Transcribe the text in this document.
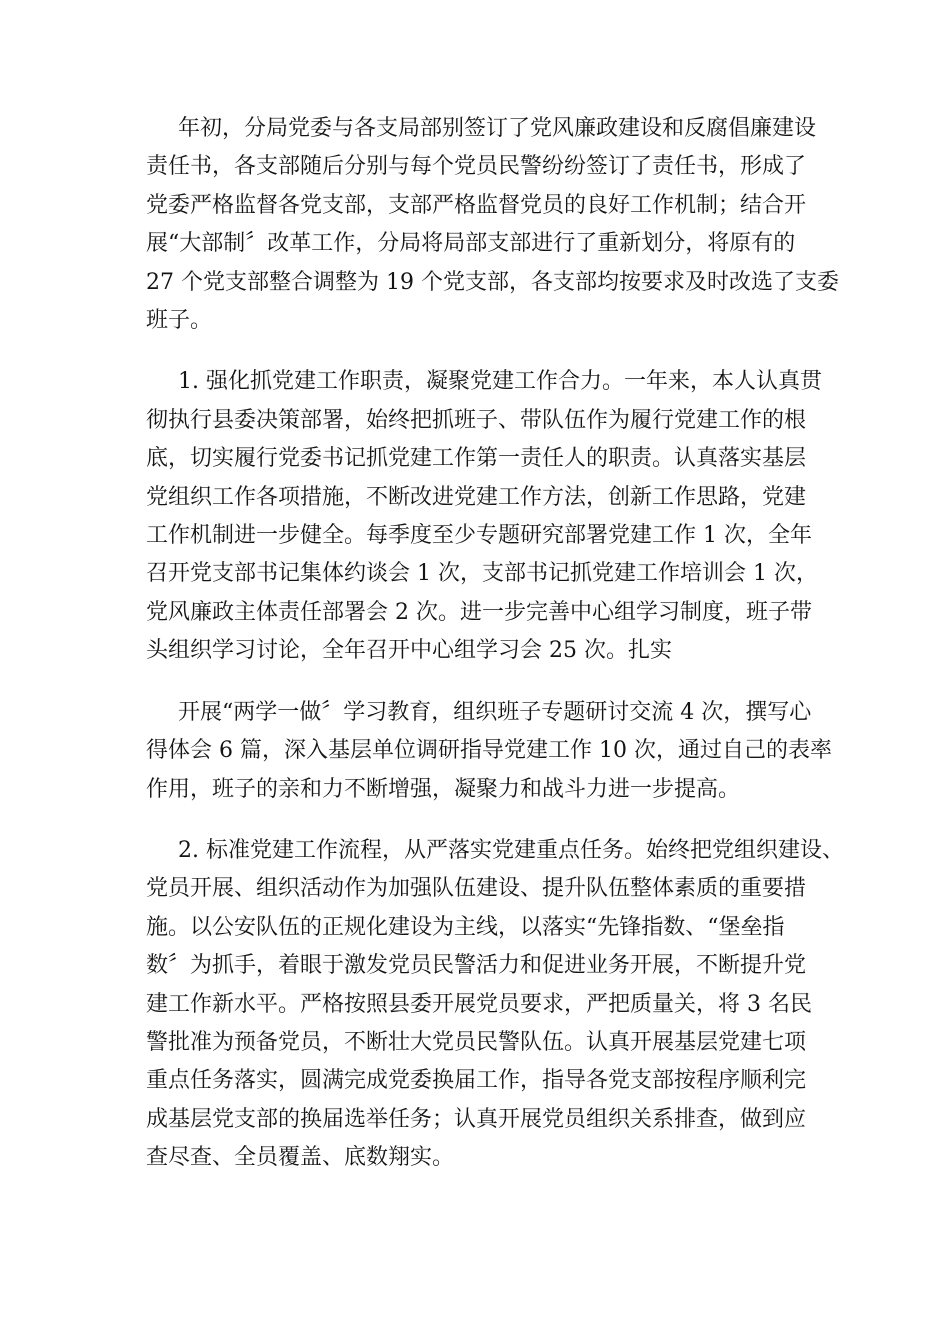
年初，分局党委与各支局部别签订了党风廉政建设和反腐倡廉建设
责任书，各支部随后分别与每个党员民警纷纷签订了责任书，形成了
党委严格监督各党支部，支部严格监督党员的良好工作机制；结合开
展“大部制〞改革工作，分局将局部支部进行了重新划分，将原有的
27 个党支部整合调整为 19 个党支部，各支部均按要求及时改选了支委
班子。

1. 强化抓党建工作职责，凝聚党建工作合力。一年来，本人认真贯
彻执行县委决策部署，始终把抓班子、带队伍作为履行党建工作的根
底，切实履行党委书记抓党建工作第一责任人的职责。认真落实基层
党组织工作各项措施，不断改进党建工作方法，创新工作思路，党建
工作机制进一步健全。每季度至少专题研究部署党建工作 1 次，全年
召开党支部书记集体约谈会 1 次，支部书记抓党建工作培训会 1 次，
党风廉政主体责任部署会 2 次。进一步完善中心组学习制度，班子带
头组织学习讨论，全年召开中心组学习会 25 次。扎实

开展“两学一做〞学习教育，组织班子专题研讨交流 4 次，撰写心
得体会 6 篇，深入基层单位调研指导党建工作 10 次，通过自己的表率
作用，班子的亲和力不断增强，凝聚力和战斗力进一步提高。

2. 标准党建工作流程，从严落实党建重点任务。始终把党组织建设、
党员开展、组织活动作为加强队伍建设、提升队伍整体素质的重要措
施。以公安队伍的正规化建设为主线，以落实“先锋指数、“堡垒指
数〞为抓手，着眼于激发党员民警活力和促进业务开展，不断提升党
建工作新水平。严格按照县委开展党员要求，严把质量关，将 3 名民
警批准为预备党员，不断壮大党员民警队伍。认真开展基层党建七项
重点任务落实，圆满完成党委换届工作，指导各党支部按程序顺利完
成基层党支部的换届选举任务；认真开展党员组织关系排查，做到应
查尽查、全员覆盖、底数翔实。
